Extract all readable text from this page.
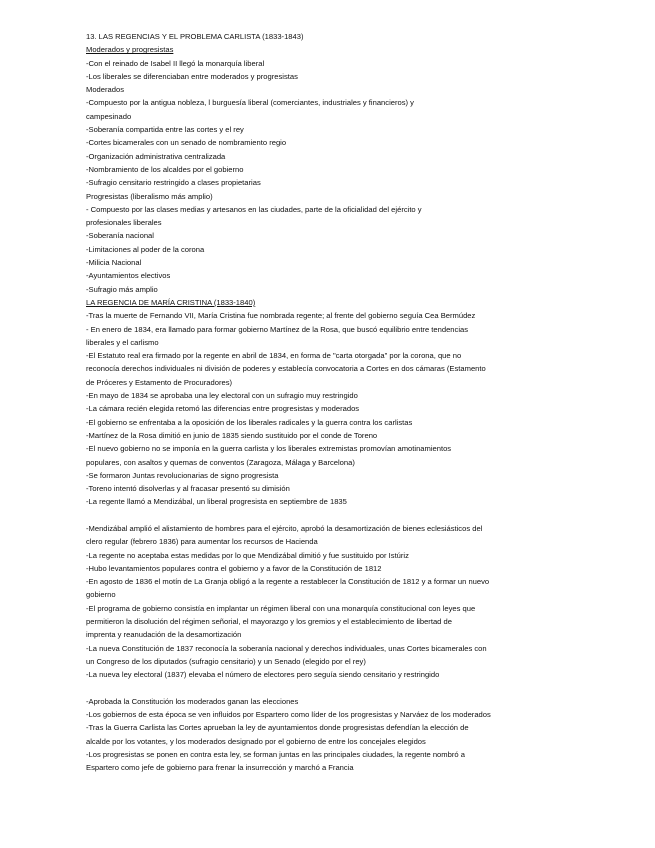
13. LAS REGENCIAS Y EL PROBLEMA CARLISTA (1833-1843)
Moderados y progresistas
-Con el reinado de Isabel II llegó la monarquía liberal
-Los liberales se diferenciaban entre moderados y progresistas
Moderados
-Compuesto por la antigua nobleza, l burguesía liberal (comerciantes, industriales y financieros) y
campesinado
-Soberanía compartida entre las cortes y el rey
-Cortes bicamerales con un senado de nombramiento regio
-Organización administrativa centralizada
-Nombramiento de los alcaldes por el gobierno
-Sufragio censitario restringido a clases propietarias
Progresistas (liberalismo más amplio)
- Compuesto por las clases medias y artesanos en las ciudades, parte de la oficialidad del ejército y
profesionales liberales
-Soberanía nacional
-Limitaciones al poder de la corona
-Milicia Nacional
-Ayuntamientos electivos
-Sufragio más amplio
LA REGENCIA DE MARÍA CRISTINA (1833-1840)
-Tras la muerte de Fernando VII, María Cristina fue nombrada regente; al frente del gobierno seguía Cea Bermúdez
- En enero de 1834, era llamado para formar gobierno Martínez de la Rosa, que buscó equilibrio entre tendencias
liberales y el carlismo
-El Estatuto real era firmado por la regente en abril de 1834, en forma de "carta otorgada" por la corona, que no
reconocía derechos individuales ni división de poderes y establecía convocatoria a Cortes en dos cámaras (Estamento
de Próceres y Estamento de Procuradores)
-En mayo de 1834 se aprobaba una ley electoral con un sufragio muy restringido
-La cámara recién elegida retomó las diferencias entre progresistas y moderados
-El gobierno se enfrentaba a la oposición de los liberales radicales y la guerra contra los carlistas
-Martínez de la Rosa dimitió en junio de 1835 siendo sustituido por el conde de Toreno
-El nuevo gobierno no se imponía en la guerra carlista y los liberales extremistas promovían amotinamientos
populares, con asaltos y quemas de conventos (Zaragoza, Málaga y Barcelona)
-Se formaron Juntas revolucionarias de signo progresista
-Toreno intentó disolverlas y al fracasar presentó su dimisión
-La regente llamó a Mendizábal, un liberal progresista en septiembre de 1835
-Mendizábal amplió el alistamiento de hombres para el ejército, aprobó la desamortización de bienes eclesiásticos del
clero regular (febrero 1836) para aumentar los recursos de Hacienda
-La regente no aceptaba estas medidas por lo que Mendizábal dimitió y fue sustituido por Istúriz
-Hubo levantamientos populares contra el gobierno y a favor de la Constitución de 1812
-En agosto de 1836 el motín de La Granja obligó a la regente a restablecer la Constitución de 1812 y a formar un nuevo
gobierno
-El programa de gobierno consistía en implantar un régimen liberal con una monarquía constitucional con leyes que
permitieron la disolución del régimen señorial, el mayorazgo y los gremios y el establecimiento de libertad de
imprenta y reanudación de la desamortización
-La nueva Constitución de 1837 reconocía la soberanía nacional y derechos individuales, unas Cortes bicamerales con
un Congreso de los diputados (sufragio censitario) y un Senado (elegido por el rey)
-La nueva ley electoral (1837) elevaba el número de electores pero seguía siendo censitario y restringido
-Aprobada la Constitución los moderados ganan las elecciones
-Los gobiernos de esta época se ven influidos por Espartero como líder de los progresistas y Narváez de los moderados
-Tras la Guerra Carlista las Cortes aprueban la ley de ayuntamientos donde progresistas defendían la elección de
alcalde por los votantes, y los moderados designado por el gobierno de entre los concejales elegidos
-Los progresistas se ponen en contra esta ley, se forman juntas en las principales ciudades, la regente nombró a
Espartero como jefe de gobierno para frenar la insurrección y marchó a Francia
